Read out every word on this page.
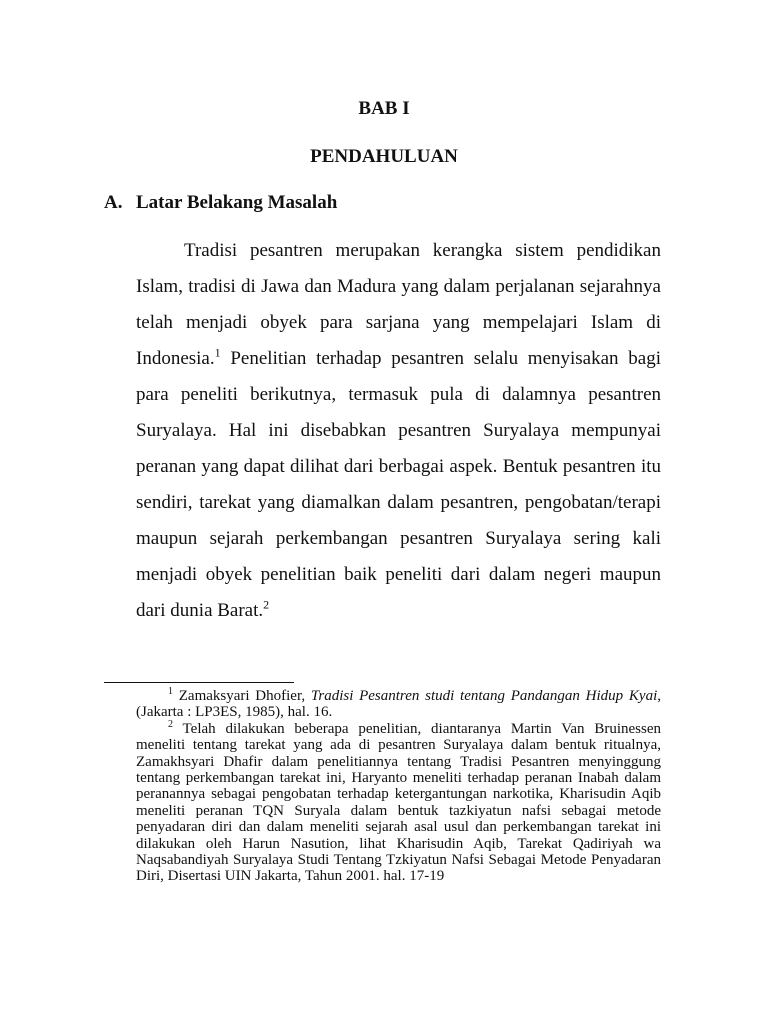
BAB I
PENDAHULUAN
A. Latar Belakang Masalah

Tradisi pesantren merupakan kerangka sistem pendidikan Islam, tradisi di Jawa dan Madura yang dalam perjalanan sejarahnya telah menjadi obyek para sarjana yang mempelajari Islam di Indonesia.$^1$ Penelitian terhadap pesantren selalu menyisakan bagi para peneliti berikutnya, termasuk pula di dalamnya pesantren Suryalaya. Hal ini disebabkan pesantren Suryalaya mempunyai peranan yang dapat dilihat dari berbagai aspek. Bentuk pesantren itu sendiri, tarekat yang diamalkan dalam pesantren, pengobatan/terapi maupun sejarah perkembangan pesantren Suryalaya sering kali menjadi obyek penelitian baik peneliti dari dalam negeri maupun dari dunia Barat.$^2$

$^1$ Zamaksyari Dhofier, Tradisi Pesantren studi tentang Pandangan Hidup Kyai, (Jakarta : LP3ES, 1985), hal. 16.

$^2$ Telah dilakukan beberapa penelitian, diantaranya Martin Van Bruinessen meneliti tentang tarekat yang ada di pesantren Suryalaya dalam bentuk ritualnya, Zamakhsyari Dhafir dalam penelitiannya tentang Tradisi Pesantren menyinggung tentang perkembangan tarekat ini, Haryanto meneliti terhadap peranan Inabah dalam peranannya sebagai pengobatan terhadap ketergantungan narkotika, Kharisudin Aqib meneliti peranan TQN Suryala dalam bentuk tazkiyatun nafsi sebagai metode penyadaran diri dan dalam meneliti sejarah asal usul dan perkembangan tarekat ini dilakukan oleh Harun Nasution, lihat Kharisudin Aqib, Tarekat Qadiriyah wa Naqsabandiyah Suryalaya Studi Tentang Tzkiyatun Nafsi Sebagai Metode Penyadaran Diri, Disertasi UIN Jakarta, Tahun 2001. hal. 17-19
